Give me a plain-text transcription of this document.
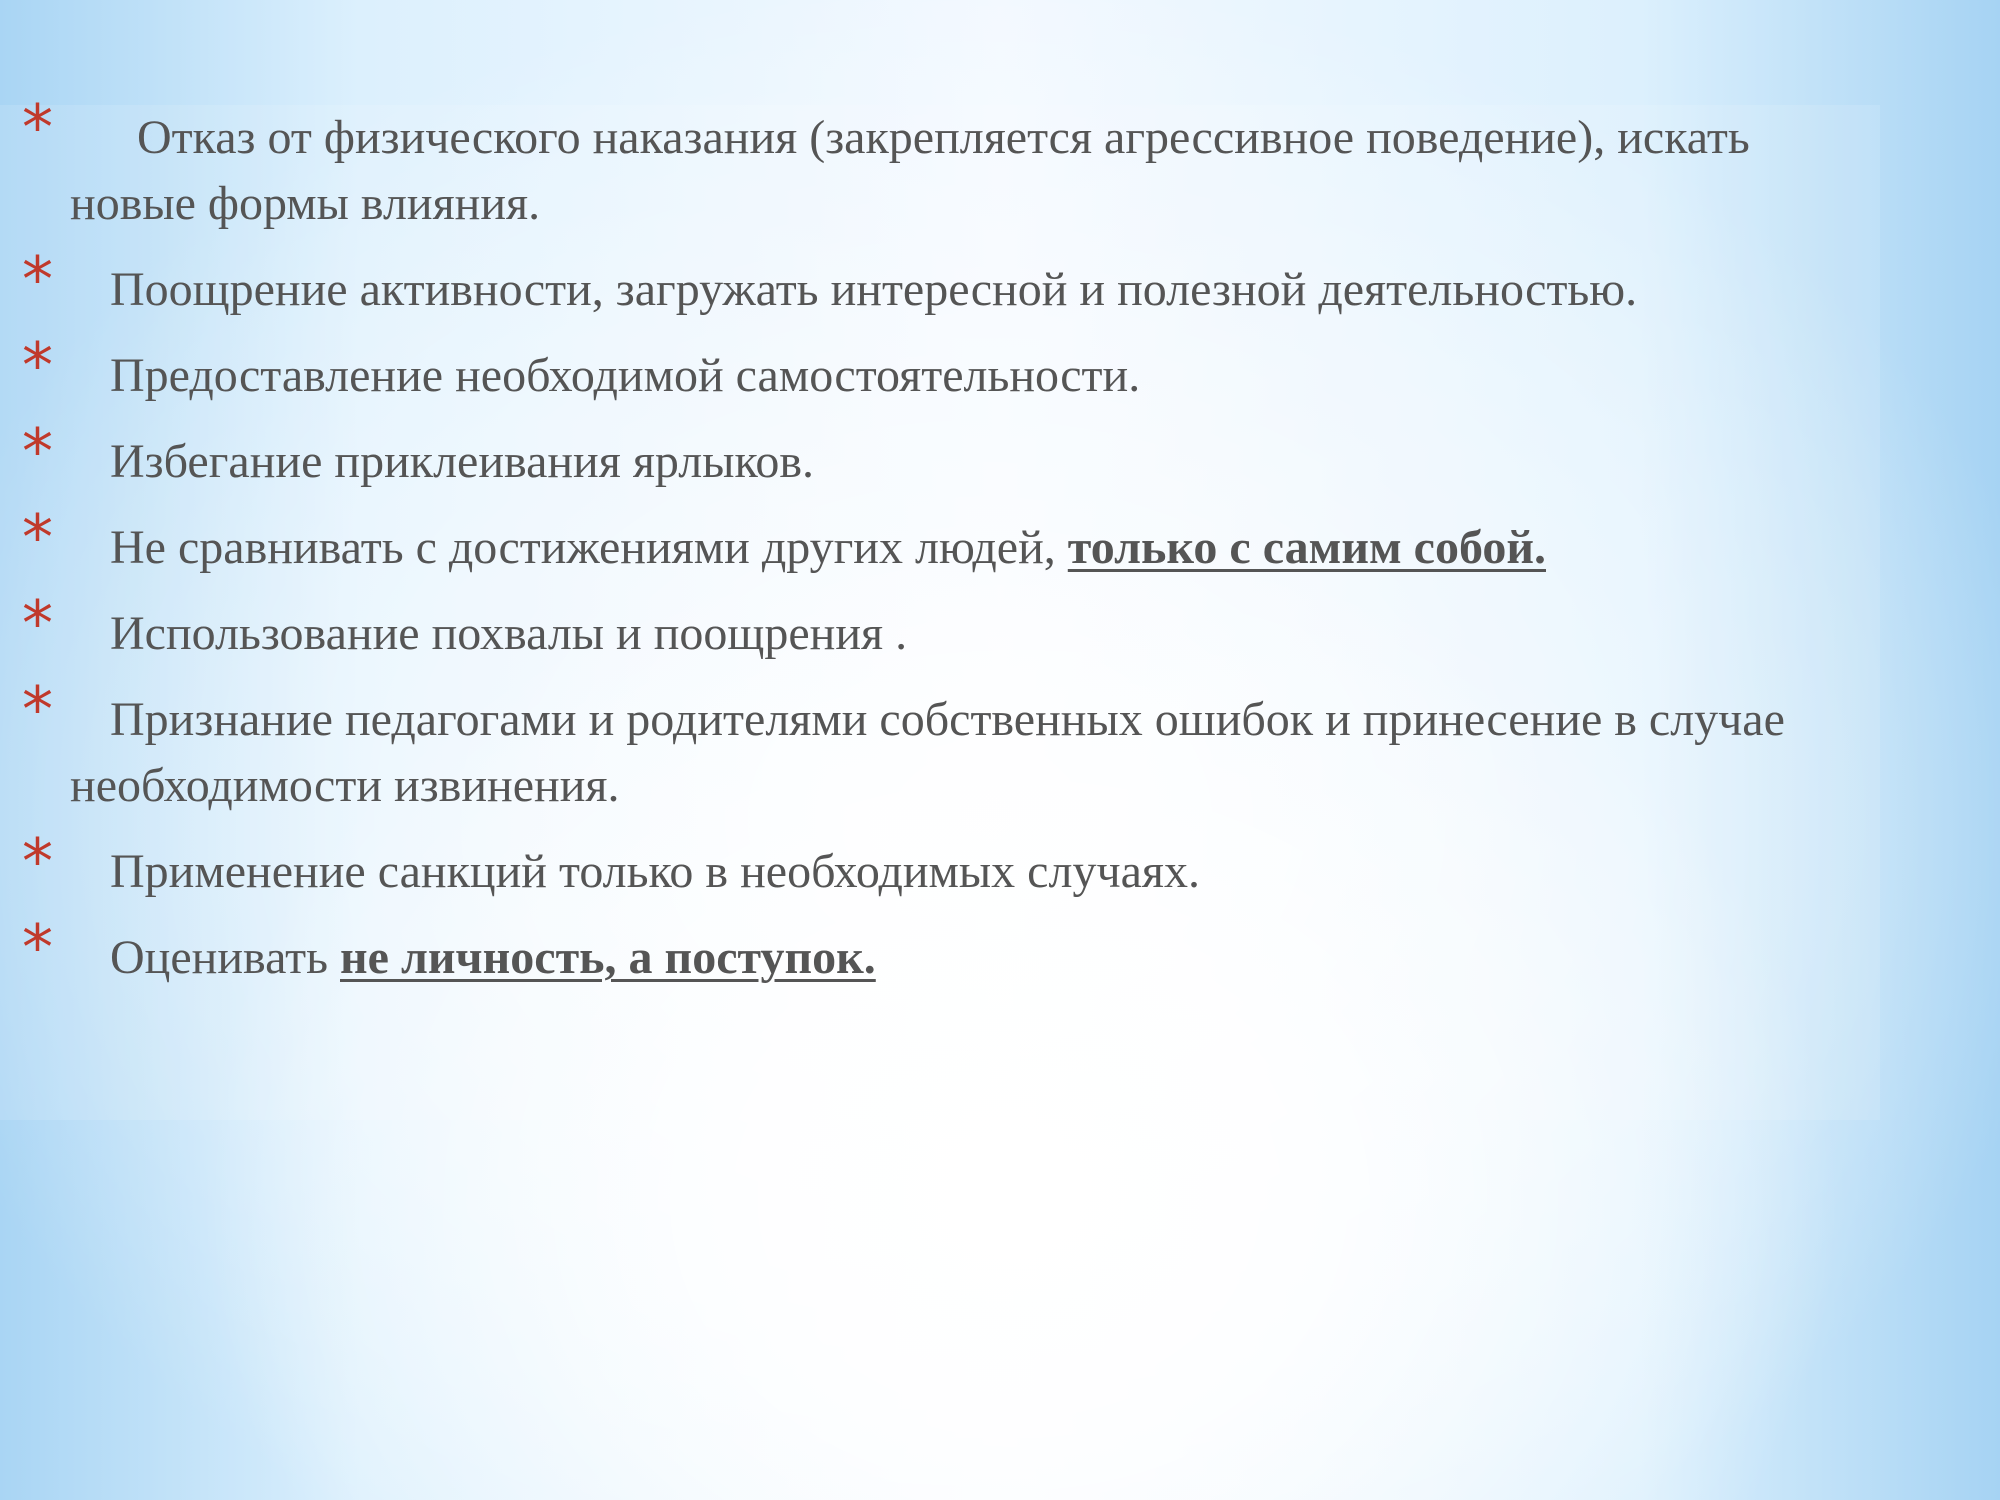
* Отказ от физического наказания (закрепляется агрессивное поведение), искать новые формы влияния.
* Поощрение активности, загружать интересной и полезной деятельностью.
* Предоставление необходимой самостоятельности.
* Избегание приклеивания ярлыков.
* Не сравнивать с достижениями других людей, только с самим собой.
* Использование похвалы и поощрения .
* Признание педагогами и родителями собственных ошибок и принесение в случае необходимости извинения.
* Применение санкций только в необходимых случаях.
* Оценивать не личность, а поступок.
